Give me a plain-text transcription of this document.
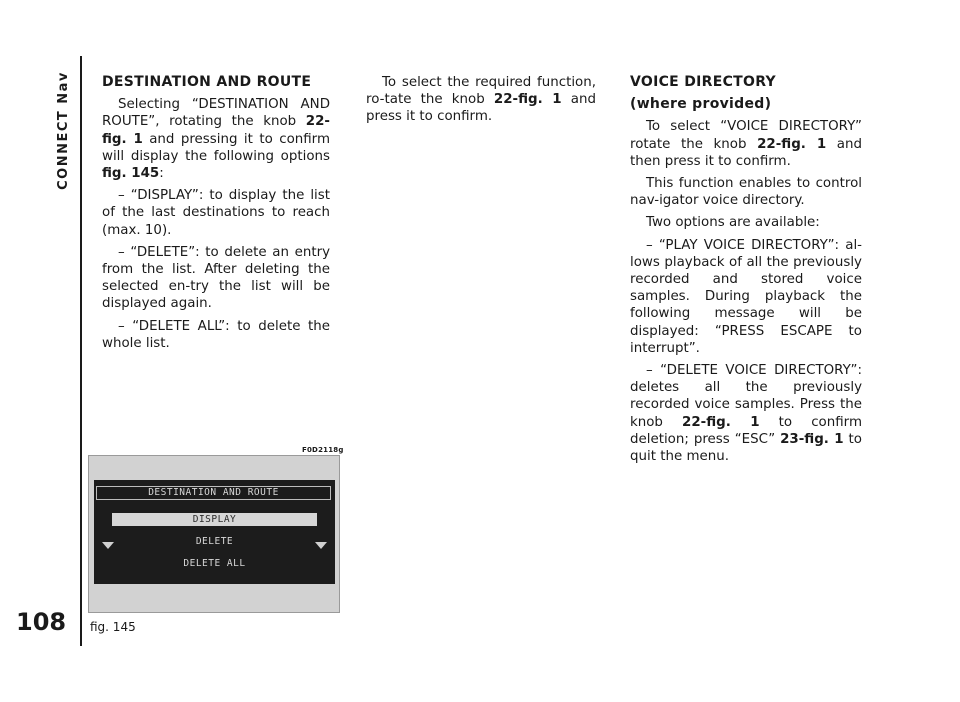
CONNECT Nav
108

DESTINATION AND ROUTE

Selecting “DESTINATION AND ROUTE”, rotating the knob 22-fig. 1 and pressing it to confirm will display the following options fig. 145:

– “DISPLAY”: to display the list of the last destinations to reach (max. 10).

– “DELETE”: to delete an entry from the list. After deleting the selected en-try the list will be displayed again.

– “DELETE ALL”: to delete the whole list.

To select the required function, ro-tate the knob 22-fig. 1 and press it to confirm.

VOICE DIRECTORY

(where provided)

To select “VOICE DIRECTORY” rotate the knob 22-fig. 1 and then press it to confirm.

This function enables to control nav-igator voice directory.

Two options are available:

– “PLAY VOICE DIRECTORY”: al-lows playback of all the previously recorded and stored voice samples. During playback the following message will be displayed: “PRESS ESCAPE to interrupt”.

– “DELETE VOICE DIRECTORY”: deletes all the previously recorded voice samples. Press the knob 22-fig. 1 to confirm deletion; press “ESC” 23-fig. 1 to quit the menu.

F0D2118g
DESTINATION AND ROUTE
DISPLAY
DELETE
DELETE ALL
fig. 145
